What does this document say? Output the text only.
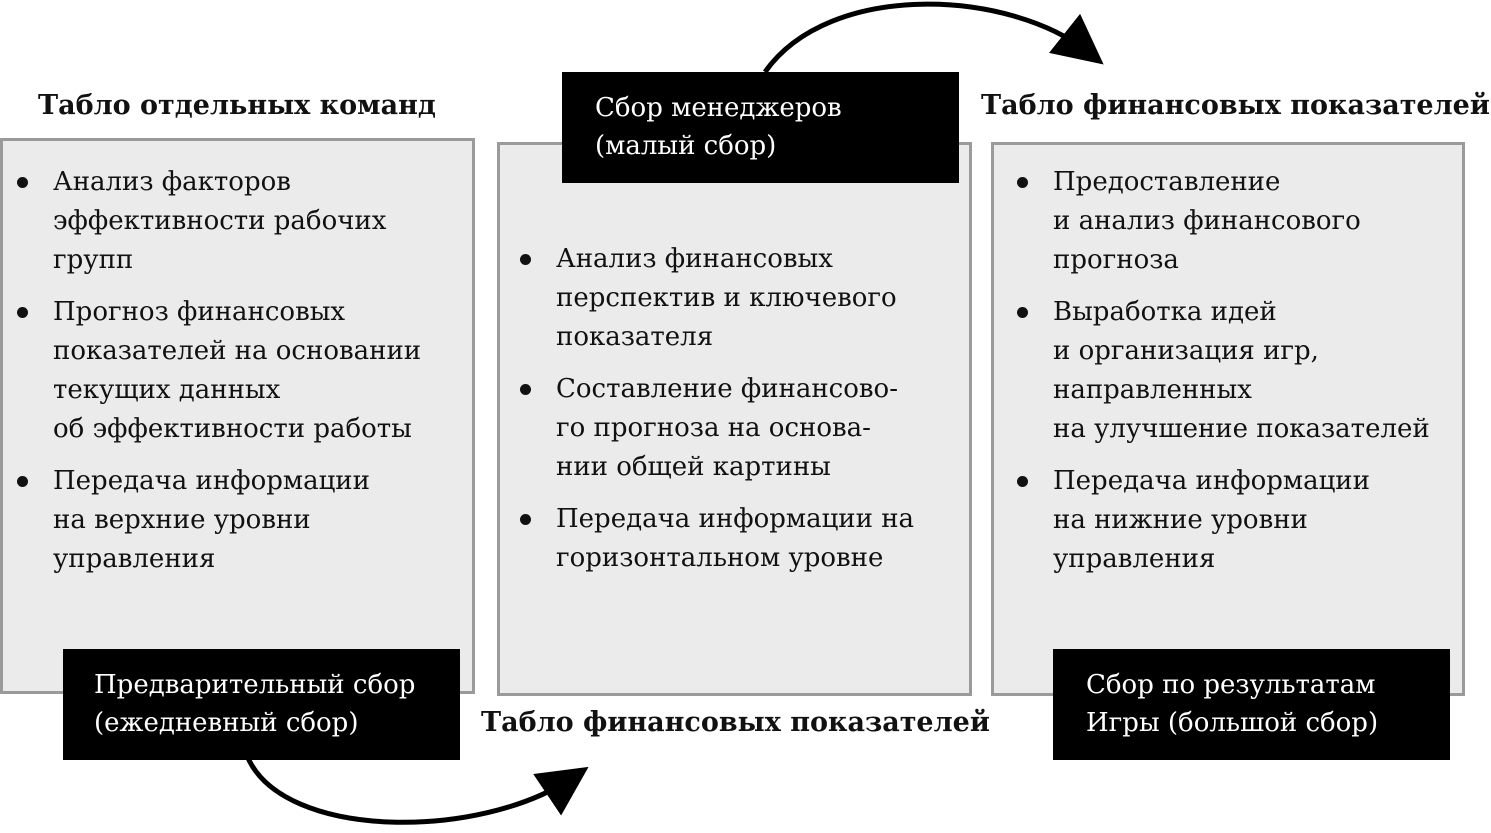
Табло отдельных команд
Анализ факторов
эффективности рабочих
групп
Прогноз финансовых
показателей на основании
текущих данных
об эффективности работы
Передача информации
на верхние уровни
управления
Предварительный сбор
(ежедневный сбор)
Анализ финансовых
перспектив и ключевого
показателя
Составление финансово-
го прогноза на основа-
нии общей картины
Передача информации на
горизонтальном уровне
Сбор менеджеров
(малый сбор)
Табло финансовых показателей
Табло финансовых показателей
Предоставление
и анализ финансового
прогноза
Выработка идей
и организация игр,
направленных
на улучшение показателей
Передача информации
на нижние уровни
управления
Сбор по результатам
Игры (большой сбор)
